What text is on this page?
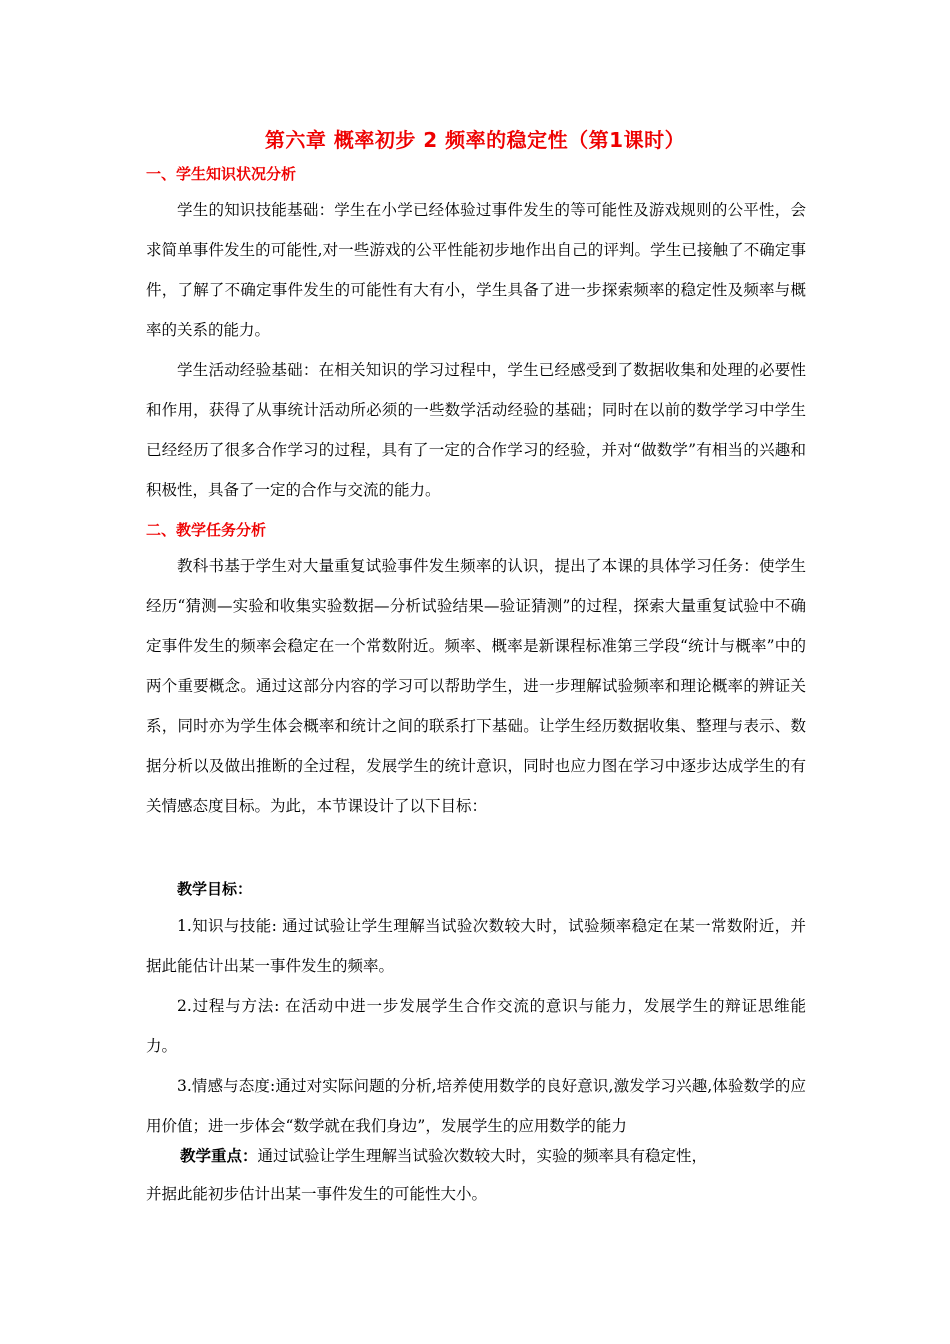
第六章 概率初步 2 频率的稳定性（第1课时）
一、学生知识状况分析
学生的知识技能基础：学生在小学已经体验过事件发生的等可能性及游戏规则的公平性，会求简单事件发生的可能性,对一些游戏的公平性能初步地作出自己的评判。学生已接触了不确定事件，了解了不确定事件发生的可能性有大有小，学生具备了进一步探索频率的稳定性及频率与概率的关系的能力。
学生活动经验基础：在相关知识的学习过程中，学生已经感受到了数据收集和处理的必要性和作用，获得了从事统计活动所必须的一些数学活动经验的基础；同时在以前的数学学习中学生已经经历了很多合作学习的过程，具有了一定的合作学习的经验，并对“做数学”有相当的兴趣和积极性，具备了一定的合作与交流的能力。
二、教学任务分析
教科书基于学生对大量重复试验事件发生频率的认识，提出了本课的具体学习任务：使学生经历“猜测—实验和收集实验数据—分析试验结果—验证猜测”的过程，探索大量重复试验中不确定事件发生的频率会稳定在一个常数附近。频率、概率是新课程标准第三学段“统计与概率”中的两个重要概念。通过这部分内容的学习可以帮助学生，进一步理解试验频率和理论概率的辨证关系，同时亦为学生体会概率和统计之间的联系打下基础。让学生经历数据收集、整理与表示、数据分析以及做出推断的全过程，发展学生的统计意识，同时也应力图在学习中逐步达成学生的有关情感态度目标。为此，本节课设计了以下目标：
教学目标：
1.知识与技能: 通过试验让学生理解当试验次数较大时，试验频率稳定在某一常数附近，并据此能估计出某一事件发生的频率。
2.过程与方法: 在活动中进一步发展学生合作交流的意识与能力，发展学生的辩证思维能力。
3.情感与态度:通过对实际问题的分析,培养使用数学的良好意识,激发学习兴趣,体验数学的应用价值；进一步体会“数学就在我们身边”，发展学生的应用数学的能力
教学重点：通过试验让学生理解当试验次数较大时，实验的频率具有稳定性，
并据此能初步估计出某一事件发生的可能性大小。
